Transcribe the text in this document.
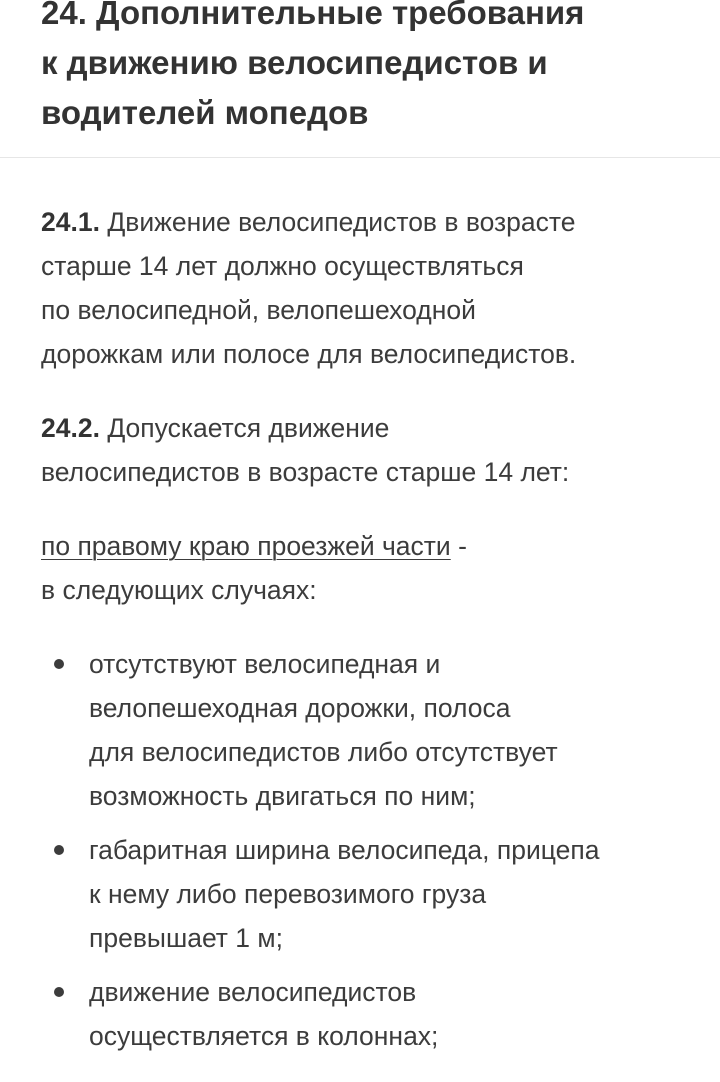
24. Дополнительные требования
к движению велосипедистов и
водителей мопедов

24.1. Движение велосипедистов в возрасте
старше 14 лет должно осуществляться
по велосипедной, велопешеходной
дорожкам или полосе для велосипедистов.

24.2. Допускается движение
велосипедистов в возрасте старше 14 лет:

по правому краю проезжей части -
в следующих случаях:

отсутствуют велосипедная и
велопешеходная дорожки, полоса
для велосипедистов либо отсутствует
возможность двигаться по ним;
габаритная ширина велосипеда, прицепа
к нему либо перевозимого груза
превышает 1 м;
движение велосипедистов
осуществляется в колоннах;
